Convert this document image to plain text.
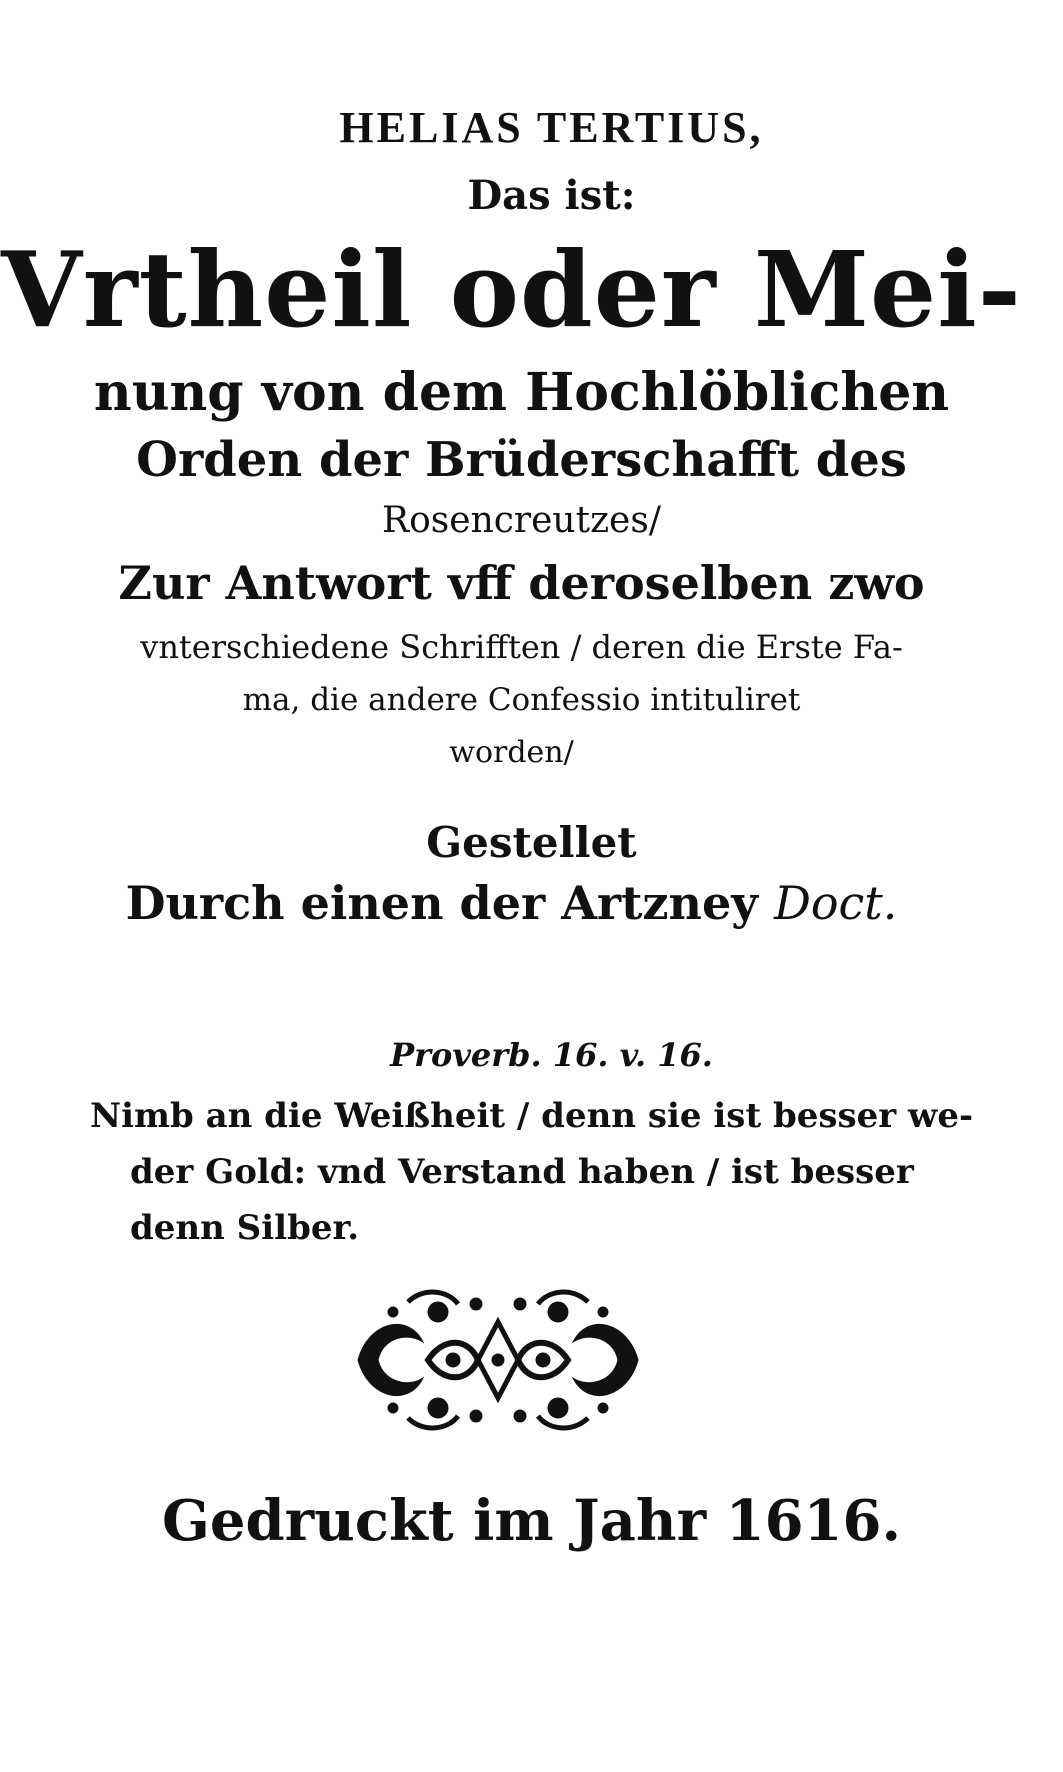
HELIAS TERTIUS,

Das ist:

Vrtheil oder Mei-

nung von dem Hochlöblichen

Orden der Brüderschafft des

Rosencreutzes/

Zur Antwort vff deroselben zwo

vnterschiedene Schrifften / deren die Erste Fa-

ma, die andere Confessio intituliret

worden/

Gestellet

Durch einen der Artzney Doct.

Proverb. 16. v. 16.

Nimb an die Weißheit / denn sie ist besser we-

der Gold: vnd Verstand haben / ist besser

denn Silber.

Gedruckt im Jahr 1616.
